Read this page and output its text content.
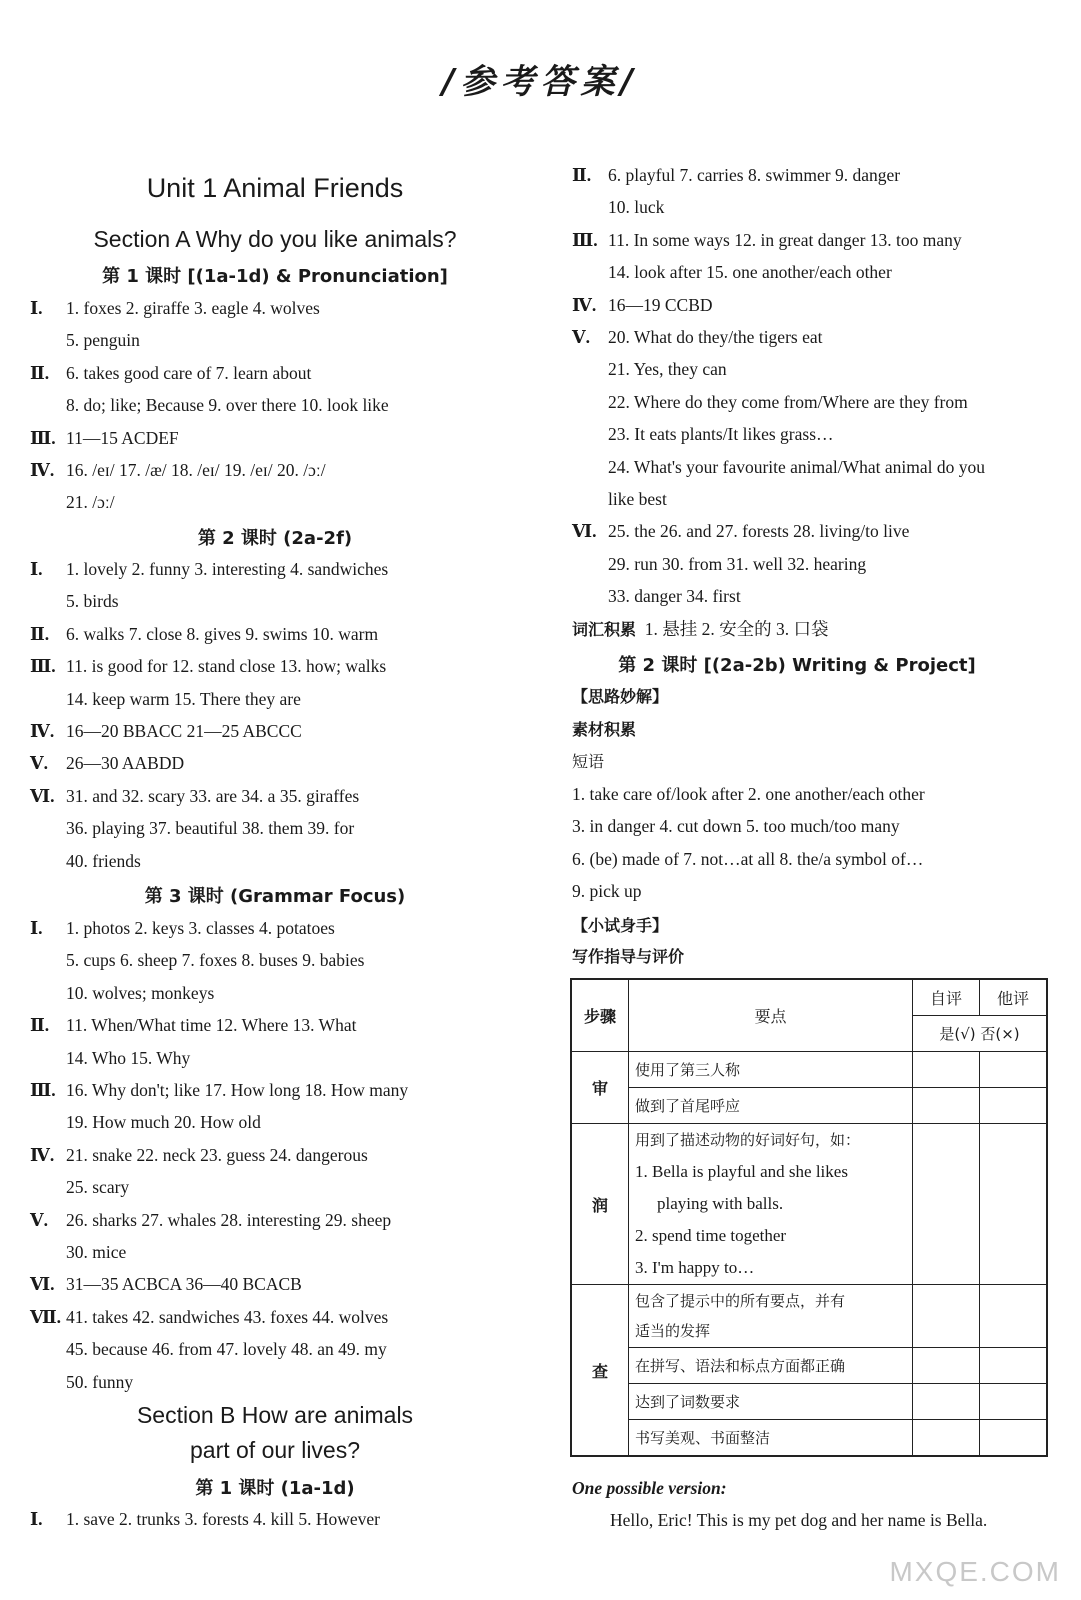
/参考答案/
Unit 1 Animal Friends
Section A Why do you like animals?
第 1 课时 [(1a-1d) & Pronunciation]
Ⅰ. 1. foxes 2. giraffe 3. eagle 4. wolves
5. penguin
Ⅱ. 6. takes good care of 7. learn about
8. do; like; Because 9. over there 10. look like
Ⅲ. 11—15 ACDEF
Ⅳ. 16. /eɪ/ 17. /æ/ 18. /eɪ/ 19. /eɪ/ 20. /ɔː/
21. /ɔː/
第 2 课时 (2a-2f)
Ⅰ. 1. lovely 2. funny 3. interesting 4. sandwiches
5. birds
Ⅱ. 6. walks 7. close 8. gives 9. swims 10. warm
Ⅲ. 11. is good for 12. stand close 13. how; walks
14. keep warm 15. There they are
Ⅳ. 16—20 BBACC 21—25 ABCCC
Ⅴ. 26—30 AABDD
Ⅵ. 31. and 32. scary 33. are 34. a 35. giraffes
36. playing 37. beautiful 38. them 39. for
40. friends
第 3 课时 (Grammar Focus)
Ⅰ. 1. photos 2. keys 3. classes 4. potatoes
5. cups 6. sheep 7. foxes 8. buses 9. babies
10. wolves; monkeys
Ⅱ. 11. When/What time 12. Where 13. What
14. Who 15. Why
Ⅲ. 16. Why don't; like 17. How long 18. How many
19. How much 20. How old
Ⅳ. 21. snake 22. neck 23. guess 24. dangerous
25. scary
Ⅴ. 26. sharks 27. whales 28. interesting 29. sheep
30. mice
Ⅵ. 31—35 ACBCA 36—40 BCACB
Ⅶ. 41. takes 42. sandwiches 43. foxes 44. wolves
45. because 46. from 47. lovely 48. an 49. my
50. funny
Section B How are animals
part of our lives?
第 1 课时 (1a-1d)
Ⅰ. 1. save 2. trunks 3. forests 4. kill 5. However
Ⅱ. 6. playful 7. carries 8. swimmer 9. danger
10. luck
Ⅲ. 11. In some ways 12. in great danger 13. too many
14. look after 15. one another/each other
Ⅳ. 16—19 CCBD
Ⅴ. 20. What do they/the tigers eat
21. Yes, they can
22. Where do they come from/Where are they from
23. It eats plants/It likes grass…
24. What's your favourite animal/What animal do you
like best
Ⅵ. 25. the 26. and 27. forests 28. living/to live
29. run 30. from 31. well 32. hearing
33. danger 34. first
词汇积累 1. 悬挂 2. 安全的 3. 口袋
第 2 课时 [(2a-2b) Writing & Project]
【思路妙解】
素材积累
短语
1. take care of/look after 2. one another/each other
3. in danger 4. cut down 5. too much/too many
6. (be) made of 7. not…at all 8. the/a symbol of…
9. pick up
【小试身手】
写作指导与评价
步骤	要点	自评	他评
		是(√) 否(×)	
审	使用了第三人称		
	做到了首尾呼应		
润	用到了描述动物的好词好句，如：
1. Bella is playful and she likes
playing with balls.
2. spend time together
3. I'm happy to…		

查	包含了提示中的所有要点，并有
适当的发挥		

	在拼写、语法和标点方面都正确		
	达到了词数要求		
	书写美观、书面整洁		
One possible version:
Hello, Eric! This is my pet dog and her name is Bella.
MXQE.COM
